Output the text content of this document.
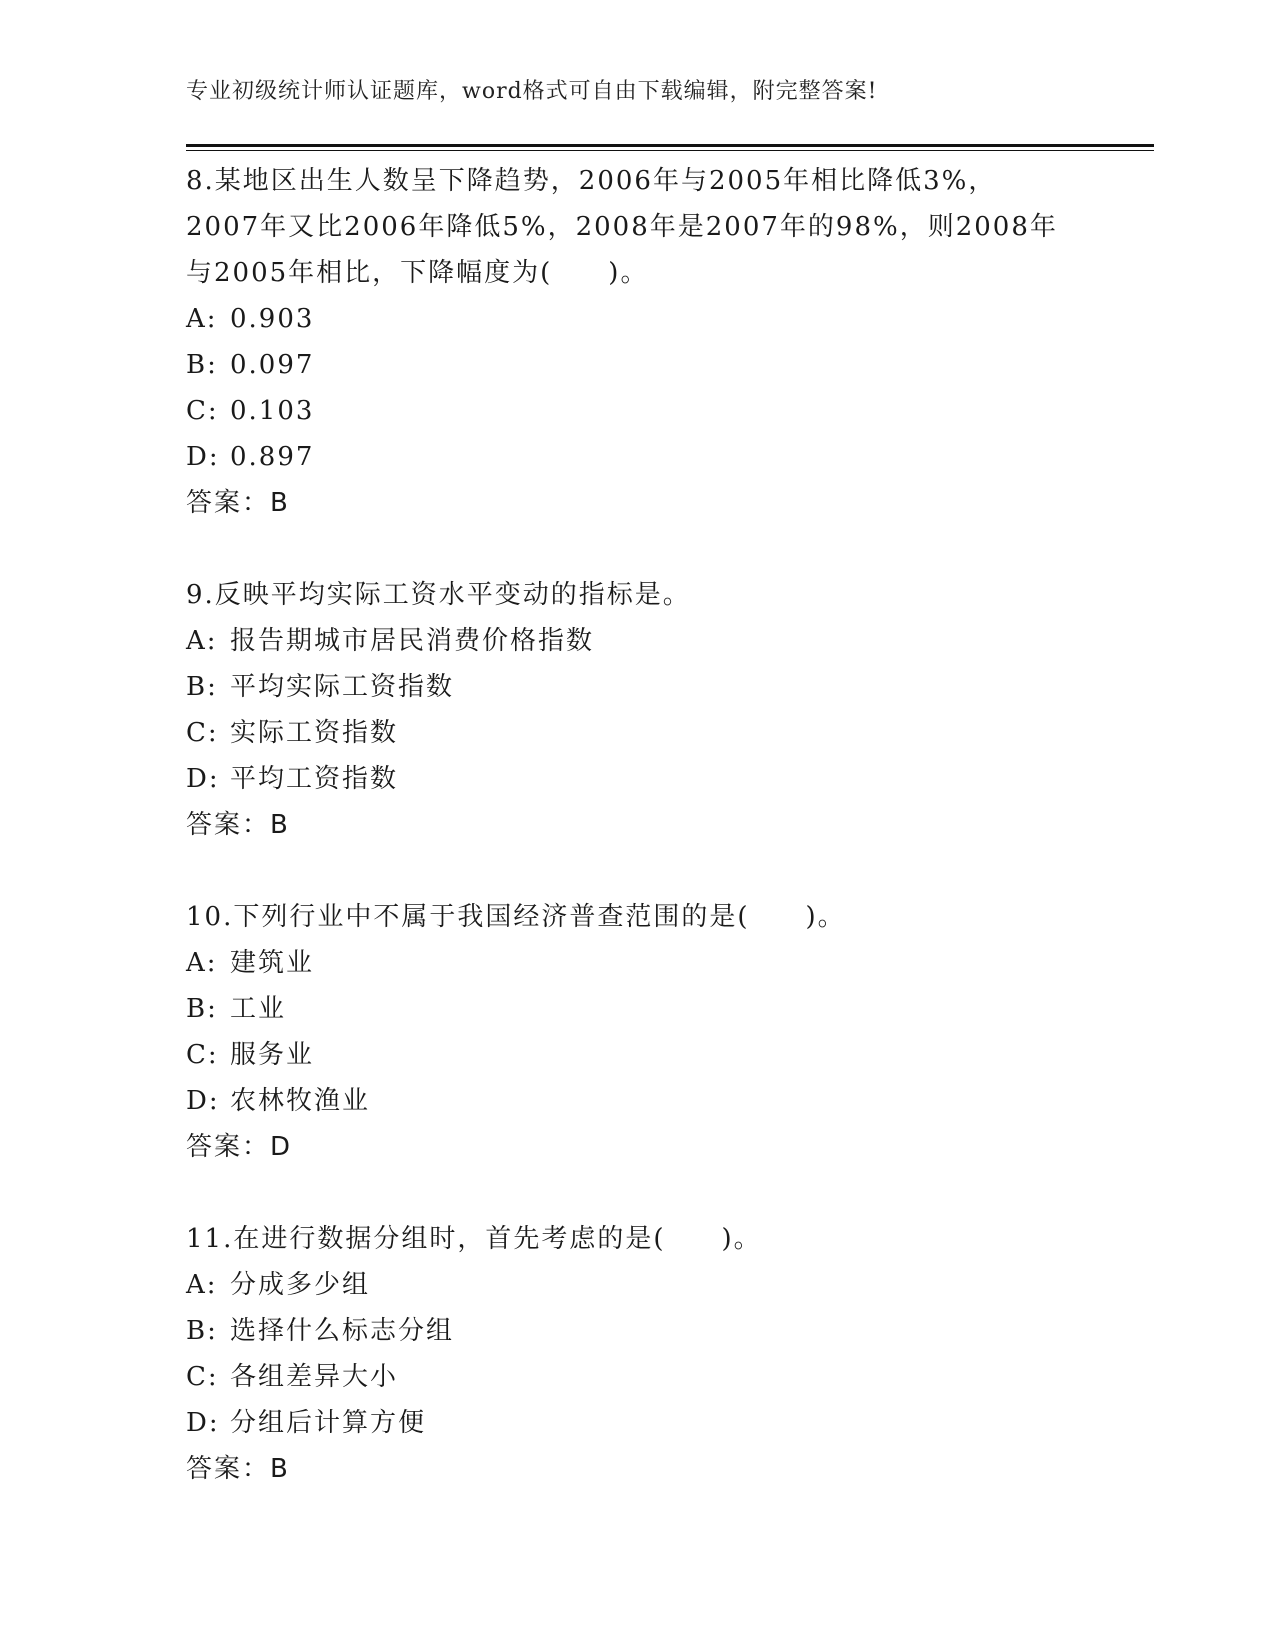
专业初级统计师认证题库，word格式可自由下载编辑，附完整答案!

8.某地区出生人数呈下降趋势，2006年与2005年相比降低3%，2007年又比2006年降低5%，2008年是2007年的98%，则2008年与2005年相比，下降幅度为(　　)。

A: 0.903

B: 0.097

C: 0.103

D: 0.897

答案：B

9.反映平均实际工资水平变动的指标是。

A: 报告期城市居民消费价格指数

B: 平均实际工资指数

C: 实际工资指数

D: 平均工资指数

答案：B

10.下列行业中不属于我国经济普查范围的是(　　)。

A: 建筑业

B: 工业

C: 服务业

D: 农林牧渔业

答案：D

11.在进行数据分组时，首先考虑的是(　　)。

A: 分成多少组

B: 选择什么标志分组

C: 各组差异大小

D: 分组后计算方便

答案：B
